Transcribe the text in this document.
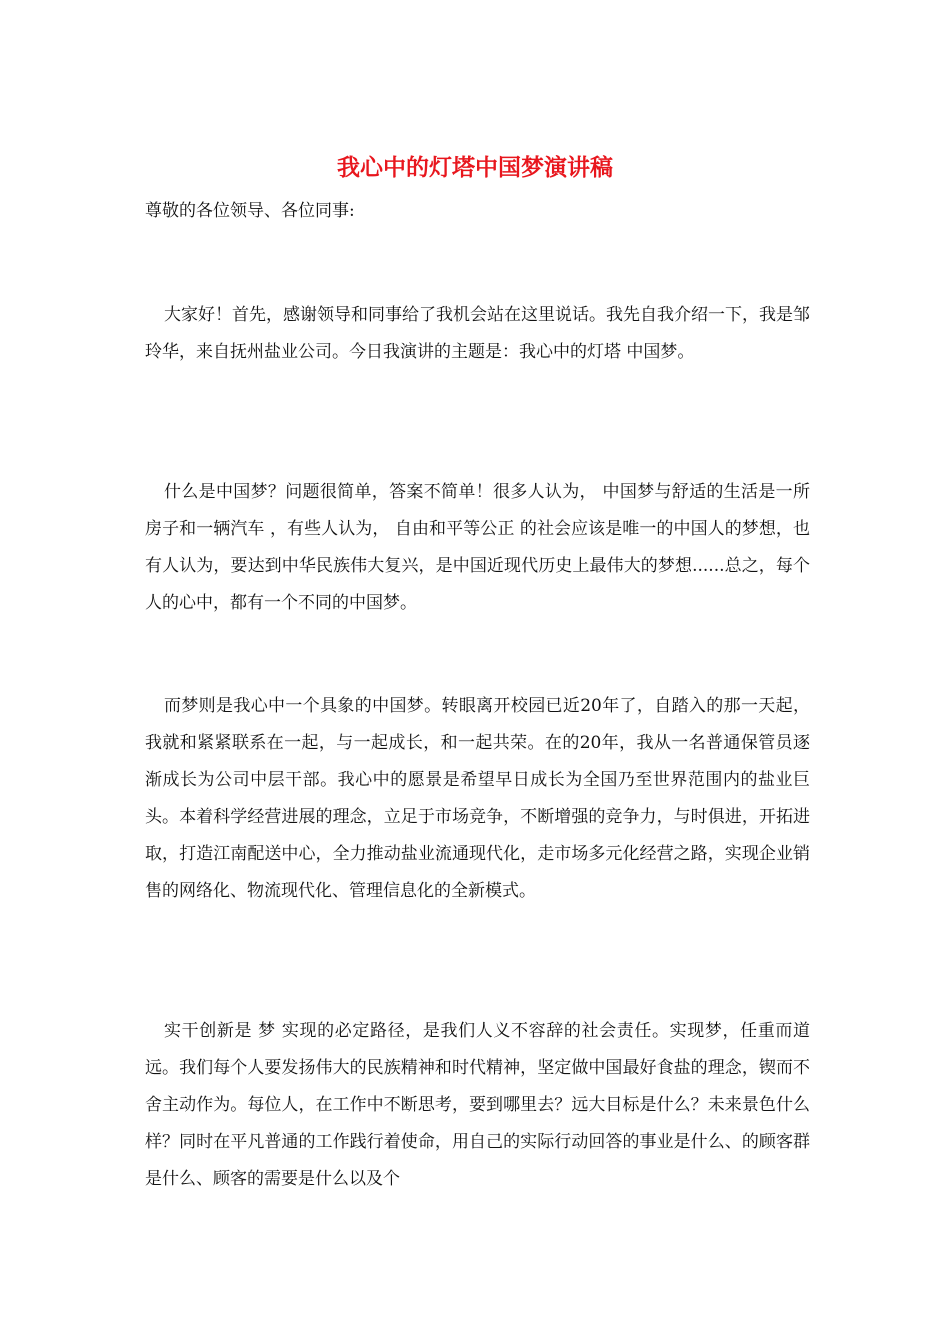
我心中的灯塔中国梦演讲稿

尊敬的各位领导、各位同事:

大家好！首先，感谢领导和同事给了我机会站在这里说话。我先自我介绍一下，我是邹玲华，来自抚州盐业公司。今日我演讲的主题是：我心中的灯塔 中国梦。

什么是中国梦？问题很简单，答案不简单！很多人认为， 中国梦与舒适的生活是一所房子和一辆汽车 ，有些人认为， 自由和平等公正 的社会应该是唯一的中国人的梦想，也有人认为，要达到中华民族伟大复兴，是中国近现代历史上最伟大的梦想......总之，每个人的心中，都有一个不同的中国梦。

而梦则是我心中一个具象的中国梦。转眼离开校园已近20年了，自踏入的那一天起，我就和紧紧联系在一起，与一起成长，和一起共荣。在的20年，我从一名普通保管员逐渐成长为公司中层干部。我心中的愿景是希望早日成长为全国乃至世界范围内的盐业巨头。本着科学经营进展的理念，立足于市场竞争，不断增强的竞争力，与时俱进，开拓进取，打造江南配送中心，全力推动盐业流通现代化，走市场多元化经营之路，实现企业销售的网络化、物流现代化、管理信息化的全新模式。

实干创新是 梦 实现的必定路径，是我们人义不容辞的社会责任。实现梦，任重而道远。我们每个人要发扬伟大的民族精神和时代精神，坚定做中国最好食盐的理念，锲而不舍主动作为。每位人，在工作中不断思考，要到哪里去？远大目标是什么？未来景色什么样？同时在平凡普通的工作践行着使命，用自己的实际行动回答的事业是什么、的顾客群是什么、顾客的需要是什么以及个
